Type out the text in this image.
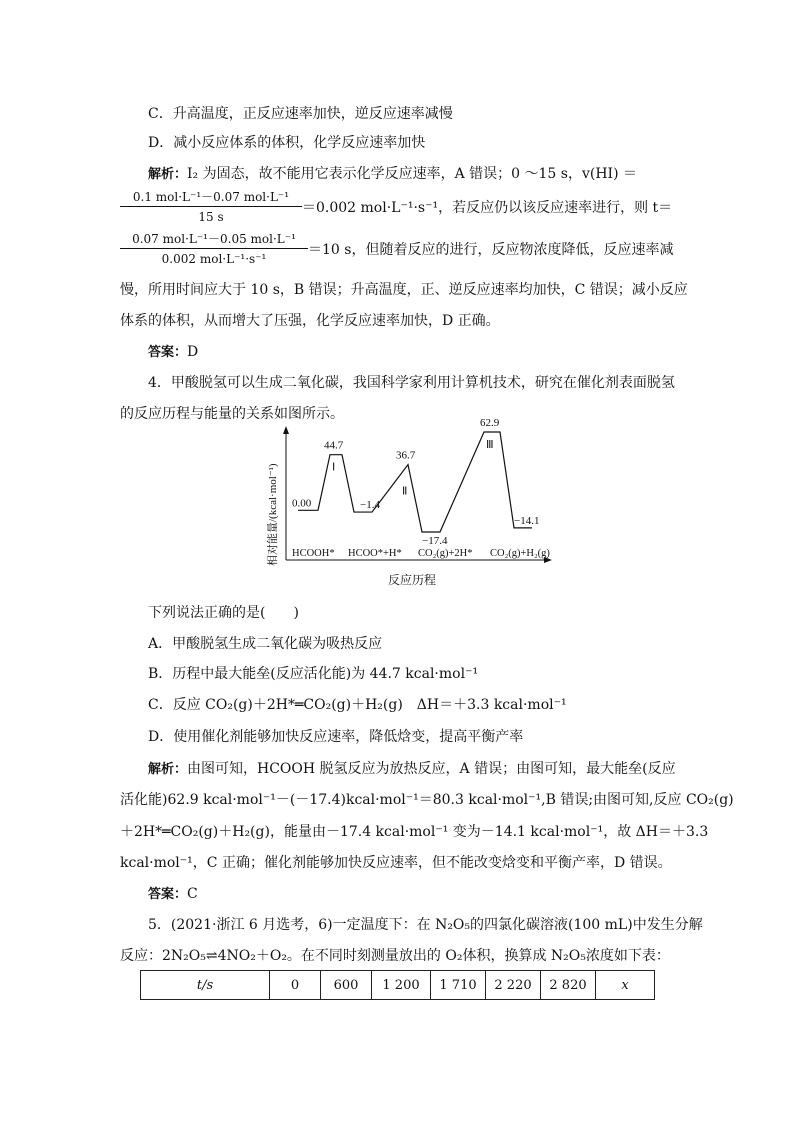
C．升高温度，正反应速率加快，逆反应速率减慢
D．减小反应体系的体积，化学反应速率加快
解析：I₂ 为固态，故不能用它表示化学反应速率，A 错误；0 ～15 s，v(HI) ＝
0.1 mol·L⁻¹－0.07 mol·L⁻¹
15 s
＝0.002 mol·L⁻¹·s⁻¹，若反应仍以该反应速率进行，则 t＝
0.07 mol·L⁻¹－0.05 mol·L⁻¹
0.002 mol·L⁻¹·s⁻¹
＝10 s，但随着反应的进行，反应物浓度降低，反应速率减
慢，所用时间应大于 10 s，B 错误；升高温度，正、逆反应速率均加快，C 错误；减小反应
体系的体积，从而增大了压强，化学反应速率加快，D 正确。
答案：D
4．甲酸脱氢可以生成二氧化碳，我国科学家利用计算机技术，研究在催化剂表面脱氢
的反应历程与能量的关系如图所示。
相对能量/(kcal·mol⁻¹)
反应历程
0.00	−1.4
−17.4
−14.1
HCOOH* HCOO*+H* CO₂(g)+2H* CO₂(g)+H₂(g)
44.7
Ⅰ
36.7
Ⅱ
62.9
Ⅲ
下列说法正确的是(　　)
A．甲酸脱氢生成二氧化碳为吸热反应
B．历程中最大能垒(反应活化能)为 44.7 kcal·mol⁻¹
C．反应 CO₂(g)＋2H*═CO₂(g)＋H₂(g)　ΔH＝＋3.3 kcal·mol⁻¹
D．使用催化剂能够加快反应速率，降低焓变，提高平衡产率
解析：由图可知，HCOOH 脱氢反应为放热反应，A 错误；由图可知，最大能垒(反应
活化能)62.9 kcal·mol⁻¹－(－17.4)kcal·mol⁻¹＝80.3 kcal·mol⁻¹,B 错误;由图可知,反应 CO₂(g)
＋2H*═CO₂(g)＋H₂(g)，能量由－17.4 kcal·mol⁻¹ 变为－14.1 kcal·mol⁻¹，故 ΔH＝＋3.3
kcal·mol⁻¹，C 正确；催化剂能够加快反应速率，但不能改变焓变和平衡产率，D 错误。
答案：C
5．(2021·浙江 6 月选考，6)一定温度下：在 N₂O₅的四氯化碳溶液(100 mL)中发生分解
反应：2N₂O₅⇌4NO₂＋O₂。在不同时刻测量放出的 O₂体积，换算成 N₂O₅浓度如下表：
t/s	0	600	1 200	1 710	2 220	2 820	x
